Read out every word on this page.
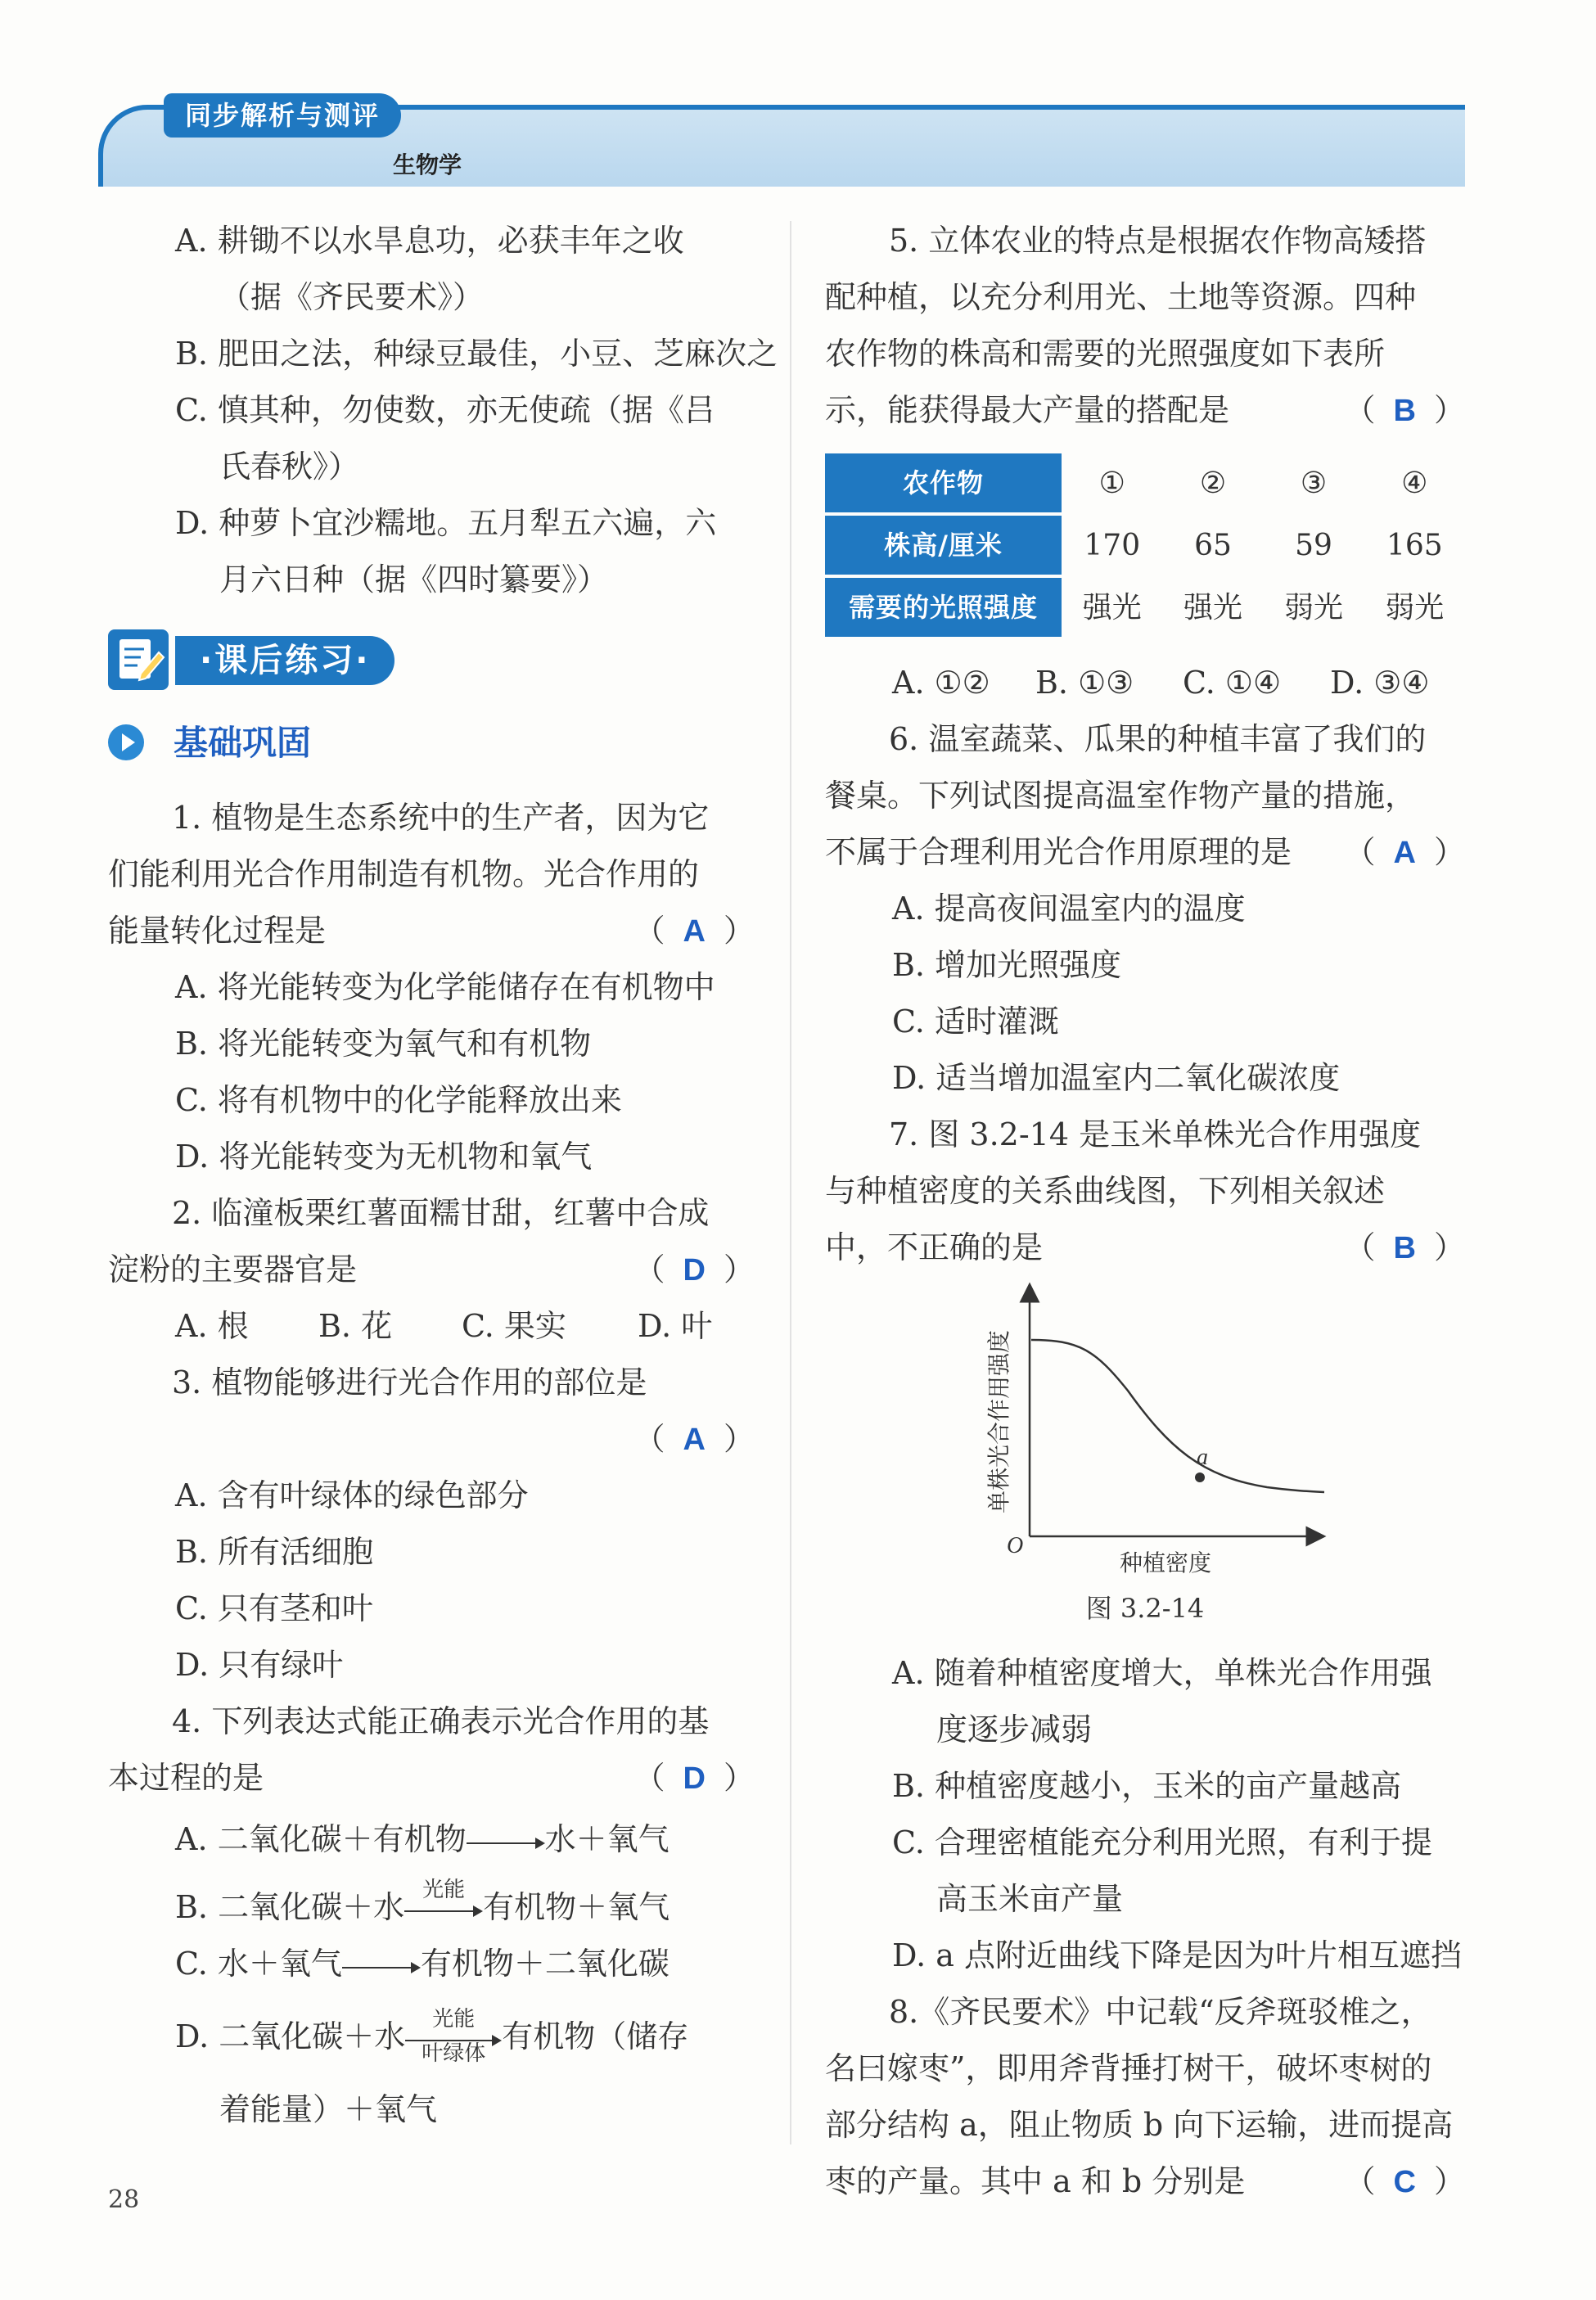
同步解析与测评
生物学
A. 耕锄不以水旱息功，必获丰年之收
（据《齐民要术》）
B. 肥田之法，种绿豆最佳，小豆、芝麻次之
C. 慎其种，勿使数，亦无使疏（据《吕
氏春秋》）
D. 种萝卜宜沙糯地。五月犁五六遍，六
月六日种（据《四时纂要》）
·课后练习·
基础巩固
1. 植物是生态系统中的生产者，因为它
们能利用光合作用制造有机物。光合作用的
能量转化过程是	（ A ）
A. 将光能转变为化学能储存在有机物中
B. 将光能转变为氧气和有机物
C. 将有机物中的化学能释放出来
D. 将光能转变为无机物和氧气
2. 临潼板栗红薯面糯甘甜，红薯中合成
淀粉的主要器官是	（ D ）
A. 根 B. 花 C. 果实 D. 叶
3. 植物能够进行光合作用的部位是

（ A ）
A. 含有叶绿体的绿色部分
B. 所有活细胞
C. 只有茎和叶
D. 只有绿叶
4. 下列表达式能正确表示光合作用的基
本过程的是	（ D ）
A. 二氧化碳＋有机物	水＋氧气
B. 二氧化碳＋水 光能 有机物＋氧气
C. 水＋氧气	有机物＋二氧化碳
D. 二氧化碳＋水	光能
叶绿体 有机物（储存
着能量）＋氧气
5. 立体农业的特点是根据农作物高矮搭
配种植，以充分利用光、土地等资源。四种
农作物的株高和需要的光照强度如下表所
示，能获得最大产量的搭配是	（ B ）
农作物	①	②	③	④
株高/厘米	170	65	59	165
需要的光照强度	强光	强光	弱光	弱光
A. ①② B. ①③ C. ①④ D. ③④
6. 温室蔬菜、瓜果的种植丰富了我们的
餐桌。下列试图提高温室作物产量的措施，
不属于合理利用光合作用原理的是 （ A ）
A. 提高夜间温室内的温度
B. 增加光照强度
C. 适时灌溉
D. 适当增加温室内二氧化碳浓度
7. 图 3.2-14 是玉米单株光合作用强度
与种植密度的关系曲线图，下列相关叙述
中，不正确的是	（ B ）
a
O
种植密度
单株光合作用强度
图 3.2-14
A. 随着种植密度增大，单株光合作用强
度逐步减弱
B. 种植密度越小，玉米的亩产量越高
C. 合理密植能充分利用光照，有利于提
高玉米亩产量
D. a 点附近曲线下降是因为叶片相互遮挡
8.《齐民要术》中记载“反斧斑驳椎之，
名曰嫁枣”，即用斧背捶打树干，破坏枣树的
部分结构 a，阻止物质 b 向下运输，进而提高
枣的产量。其中 a 和 b 分别是	（ C ）
28
